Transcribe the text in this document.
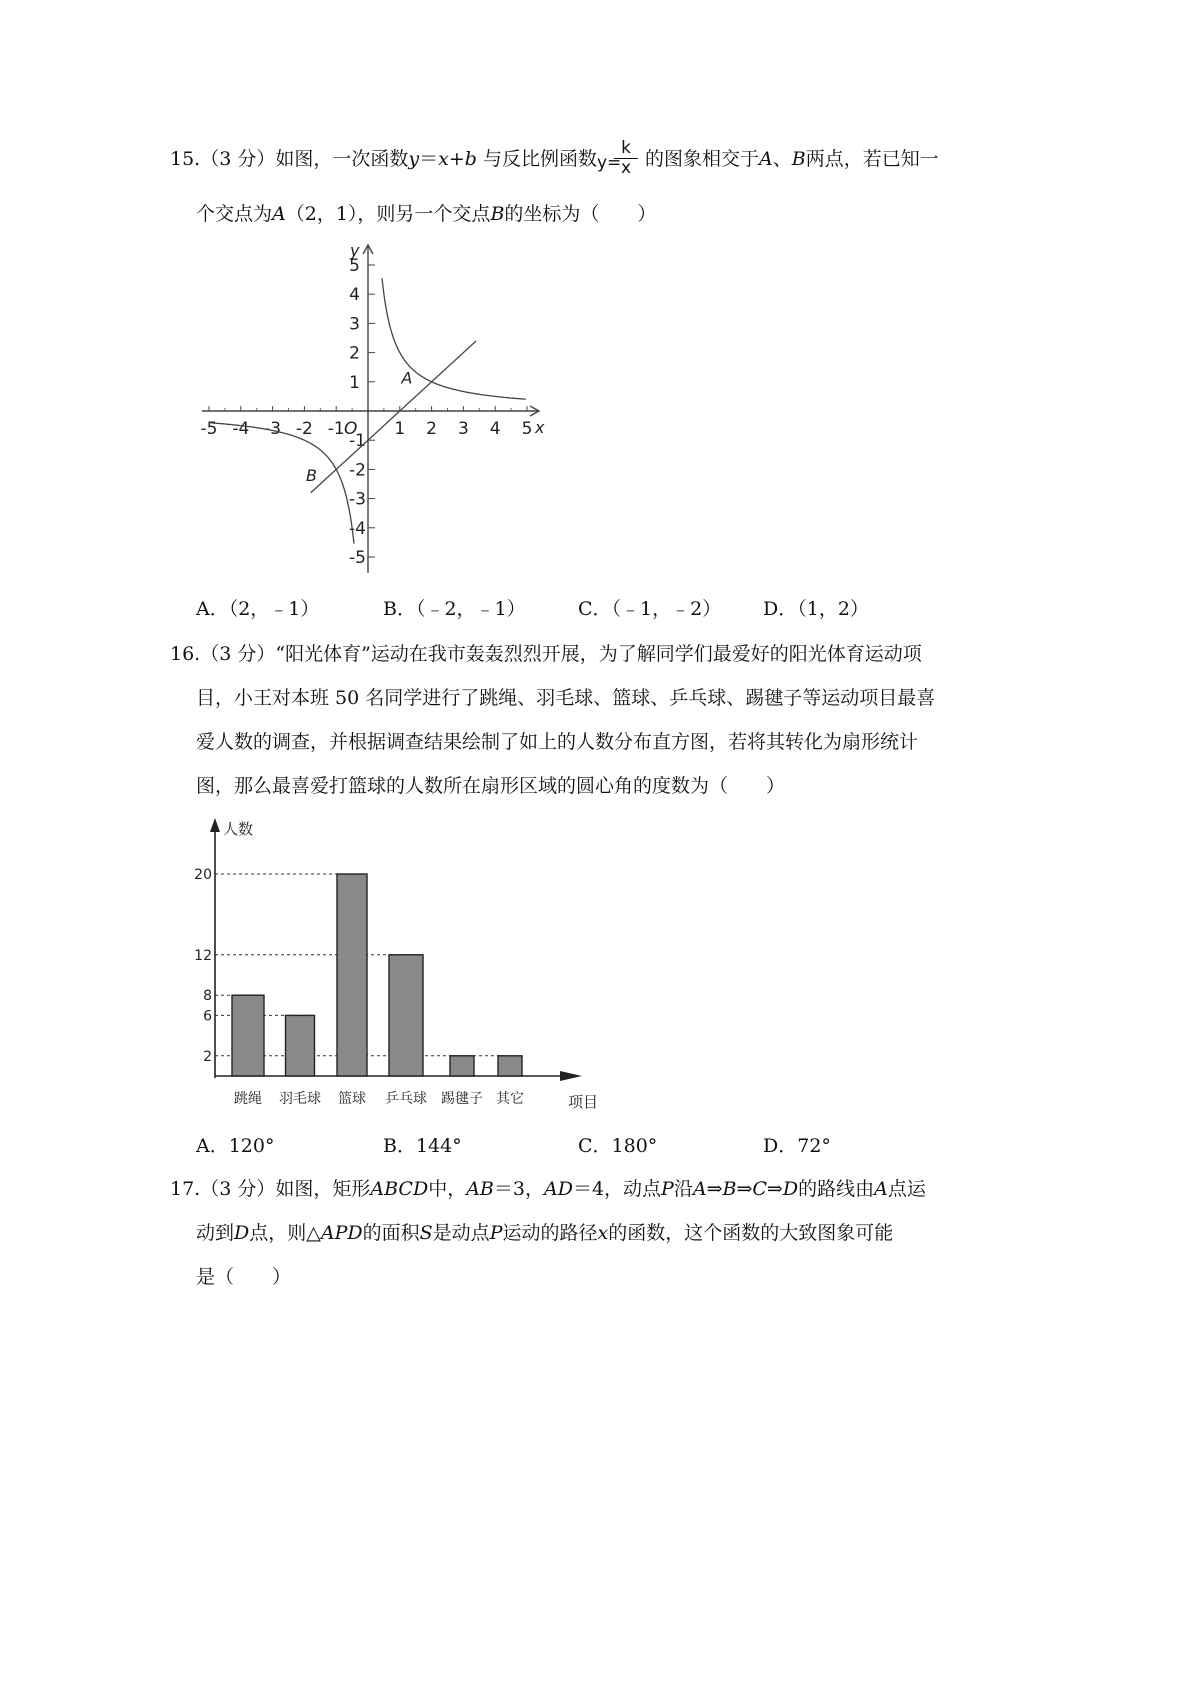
15.（3 分）如图，一次函数y＝x+b 与反比例函数	的图象相交于A、B两点，若已知一
y=
$\frac{k}{x}$
个交点为A（2，1），则另一个交点B的坐标为（　　）
-5 -4 -3 -2 -1	1 2 3 4 5
5
4
3
2
1
-1
-2
-3
-4
-5
y
x
O
A
B
A．（2，﹣1）	B．（﹣2，﹣1）	C．（﹣1，﹣2） D．（1，2）
16.（3 分）“阳光体育”运动在我市轰轰烈烈开展，为了解同学们最爱好的阳光体育运动项
目，小王对本班 50 名同学进行了跳绳、羽毛球、篮球、乒乓球、踢毽子等运动项目最喜
爱人数的调查，并根据调查结果绘制了如上的人数分布直方图，若将其转化为扇形统计
图，那么最喜爱打篮球的人数所在扇形区域的圆心角的度数为（　　）
人数
项目
2
6
8
12
20
跳绳 羽毛球 篮球 乒乓球 踢毽子 其它
A．120°	B．144°	C．180°	D．72°
17.（3 分）如图，矩形ABCD中，AB＝3，AD＝4，动点P沿A⇒B⇒C⇒D的路线由A点运
动到D点，则△APD的面积S是动点P运动的路径x的函数，这个函数的大致图象可能
是（　　）
